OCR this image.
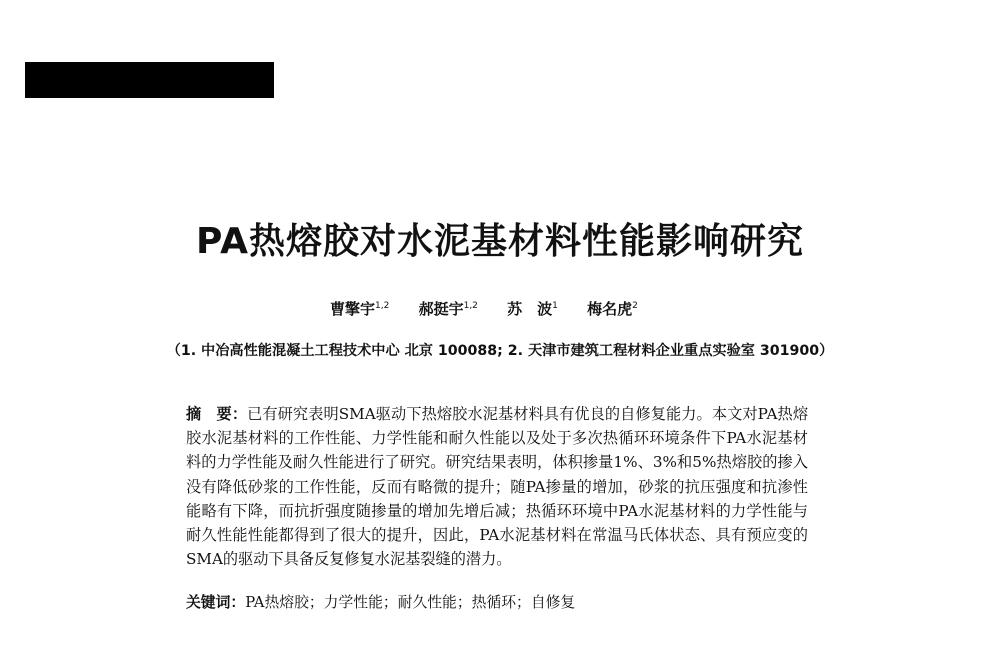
PA热熔胶对水泥基材料性能影响研究
曹擎宇$^{1,2}$ 郝挺宇$^{1,2}$ 苏　波$^1$ 梅名虎$^2$
（1. 中冶高性能混凝土工程技术中心 北京 100088; 2. 天津市建筑工程材料企业重点实验室 301900）
摘　要：已有研究表明SMA驱动下热熔胶水泥基材料具有优良的自修复能力。本文对PA热熔胶水泥基材料的工作性能、力学性能和耐久性能以及处于多次热循环环境条件下PA水泥基材料的力学性能及耐久性能进行了研究。研究结果表明，体积掺量1%、3%和5%热熔胶的掺入没有降低砂浆的工作性能，反而有略微的提升；随PA掺量的增加，砂浆的抗压强度和抗渗性能略有下降，而抗折强度随掺量的增加先增后减；热循环环境中PA水泥基材料的力学性能与耐久性能性能都得到了很大的提升，因此，PA水泥基材料在常温马氏体状态、具有预应变的SMA的驱动下具备反复修复水泥基裂缝的潜力。
关键词：PA热熔胶；力学性能；耐久性能；热循环；自修复
